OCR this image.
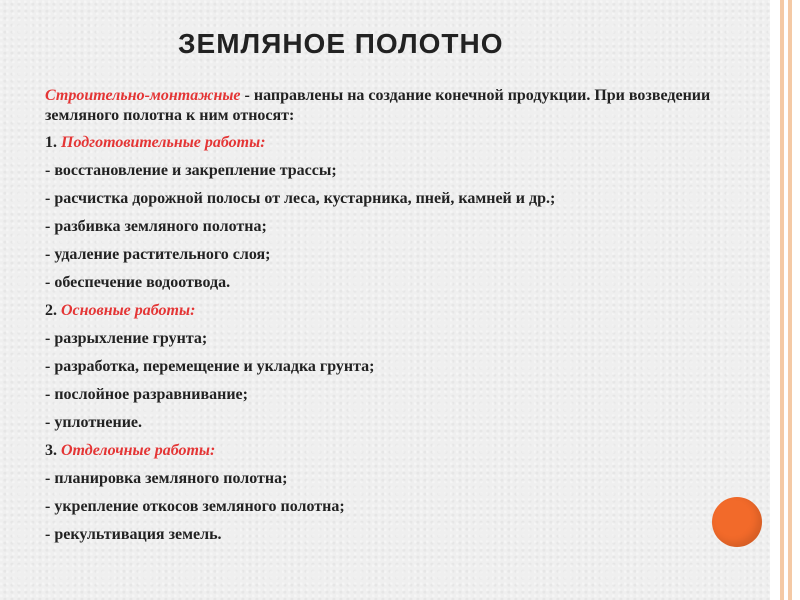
ЗЕМЛЯНОЕ ПОЛОТНО

Строительно-монтажные - направлены на создание конечной продукции. При возведении земляного полотна к ним относят:

1. Подготовительные работы:

- восстановление и закрепление трассы;

- расчистка дорожной полосы от леса, кустарника, пней, камней и др.;

- разбивка земляного полотна;

- удаление растительного слоя;

- обеспечение водоотвода.

2. Основные работы:

- разрыхление грунта;

- разработка, перемещение и укладка грунта;

- послойное разравнивание;

- уплотнение.

3. Отделочные работы:

- планировка земляного полотна;

- укрепление откосов земляного полотна;

- рекультивация земель.
